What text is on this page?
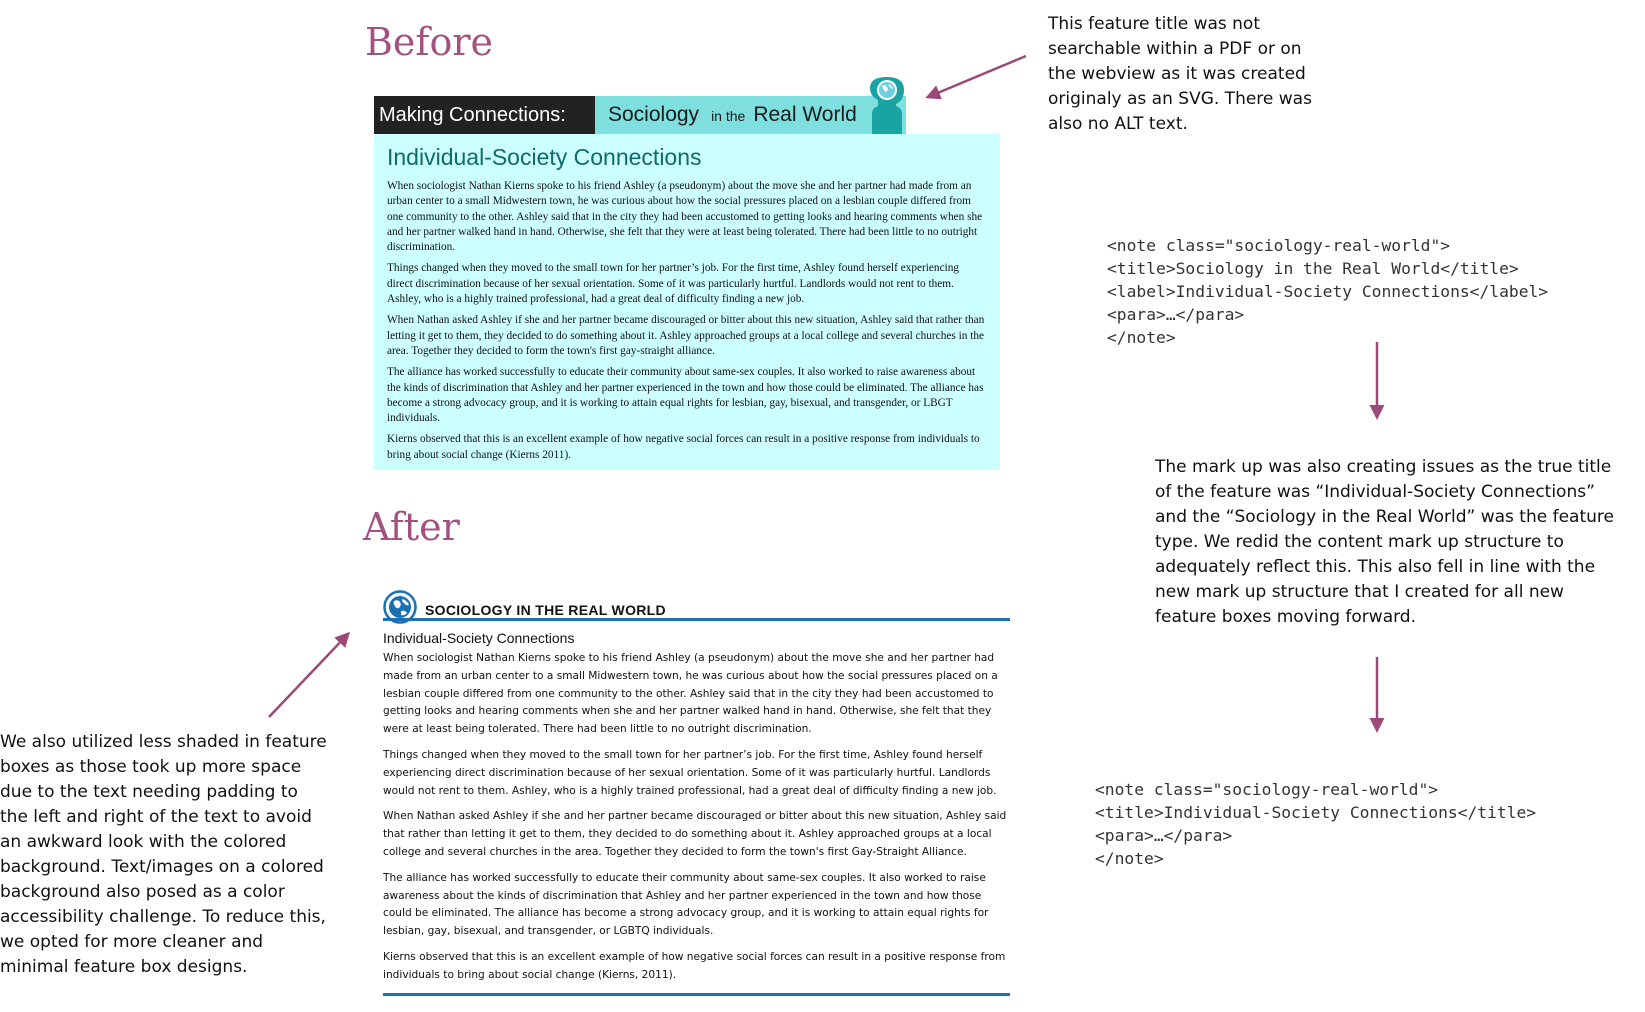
Before
After
Making Connections:	Sociology in the Real World
Individual-Society Connections

When sociologist Nathan Kierns spoke to his friend Ashley (a pseudonym) about the move she and her partner had made from an urban center to a small Midwestern town, he was curious about how the social pressures placed on a lesbian couple differed from one community to the other. Ashley said that in the city they had been accustomed to getting looks and hearing comments when she and her partner walked hand in hand. Otherwise, she felt that they were at least being tolerated. There had been little to no outright discrimination.

Things changed when they moved to the small town for her partner’s job. For the first time, Ashley found herself experiencing direct discrimination because of her sexual orientation. Some of it was particularly hurtful. Landlords would not rent to them. Ashley, who is a highly trained professional, had a great deal of difficulty finding a new job.

When Nathan asked Ashley if she and her partner became discouraged or bitter about this new situation, Ashley said that rather than letting it get to them, they decided to do something about it. Ashley approached groups at a local college and several churches in the area. Together they decided to form the town's first gay-straight alliance.

The alliance has worked successfully to educate their community about same-sex couples. It also worked to raise awareness about the kinds of discrimination that Ashley and her partner experienced in the town and how those could be eliminated. The alliance has become a strong advocacy group, and it is working to attain equal rights for lesbian, gay, bisexual, and transgender, or LBGT individuals.

Kierns observed that this is an excellent example of how negative social forces can result in a positive response from individuals to bring about social change (Kierns 2011).

SOCIOLOGY IN THE REAL WORLD
Individual-Society Connections

When sociologist Nathan Kierns spoke to his friend Ashley (a pseudonym) about the move she and her partner had made from an urban center to a small Midwestern town, he was curious about how the social pressures placed on a lesbian couple differed from one community to the other. Ashley said that in the city they had been accustomed to getting looks and hearing comments when she and her partner walked hand in hand. Otherwise, she felt that they were at least being tolerated. There had been little to no outright discrimination.

Things changed when they moved to the small town for her partner’s job. For the first time, Ashley found herself experiencing direct discrimination because of her sexual orientation. Some of it was particularly hurtful. Landlords would not rent to them. Ashley, who is a highly trained professional, had a great deal of difficulty finding a new job.

When Nathan asked Ashley if she and her partner became discouraged or bitter about this new situation, Ashley said that rather than letting it get to them, they decided to do something about it. Ashley approached groups at a local college and several churches in the area. Together they decided to form the town's first Gay-Straight Alliance.

The alliance has worked successfully to educate their community about same-sex couples. It also worked to raise awareness about the kinds of discrimination that Ashley and her partner experienced in the town and how those could be eliminated. The alliance has become a strong advocacy group, and it is working to attain equal rights for lesbian, gay, bisexual, and transgender, or LGBTQ individuals.

Kierns observed that this is an excellent example of how negative social forces can result in a positive response from individuals to bring about social change (Kierns, 2011).

This feature title was not searchable within a PDF or on the webview as it was created originaly as an SVG. There was also no ALT text.

The mark up was also creating issues as the true title of the feature was “Individual-Society Connections” and the “Sociology in the Real World” was the feature type. We redid the content mark up structure to adequately reflect this. This also fell in line with the new mark up structure that I created for all new feature boxes moving forward.

We also utilized less shaded in feature boxes as those took up more space due to the text needing padding to the left and right of the text to avoid an awkward look with the colored background. Text/images on a colored background also posed as a color accessibility challenge. To reduce this, we opted for more cleaner and minimal feature box designs.

<note class="sociology-real-world">
<title>Sociology in the Real World</title>
<label>Individual-Society Connections</label>
<para>…</para>
</note>
<note class="sociology-real-world">
<title>Individual-Society Connections</title>
<para>…</para>
</note>
